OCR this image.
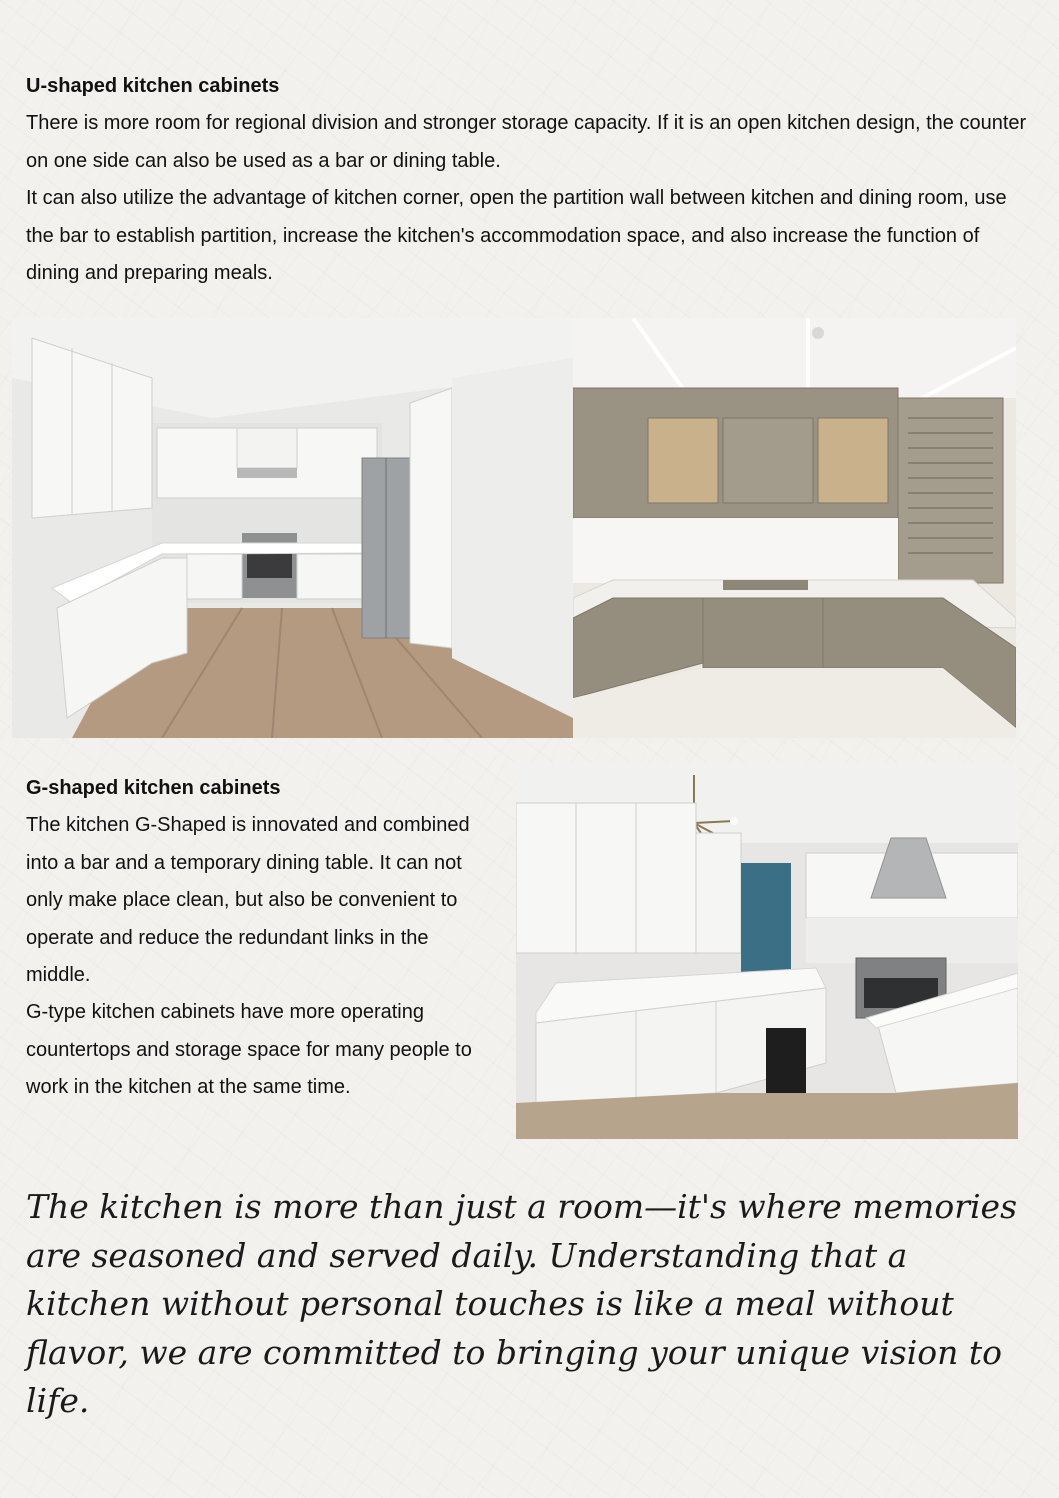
U-shaped kitchen cabinets

There is more room for regional division and stronger storage capacity. If it is an open kitchen design, the counter on one side can also be used as a bar or dining table.

It can also utilize the advantage of kitchen corner, open the partition wall between kitchen and dining room, use the bar to establish partition, increase the kitchen's accommodation space, and also increase the function of dining and preparing meals.

G-shaped kitchen cabinets

The kitchen G-Shaped is innovated and combined into a bar and a temporary dining table. It can not only make place clean, but also be convenient to operate and reduce the redundant links in the middle.

G-type kitchen cabinets have more operating countertops and storage space for many people to work in the kitchen at the same time.

The kitchen is more than just a room—it's where memories are seasoned and served daily. Understanding that a kitchen without personal touches is like a meal without flavor, we are committed to bringing your unique vision to life.
